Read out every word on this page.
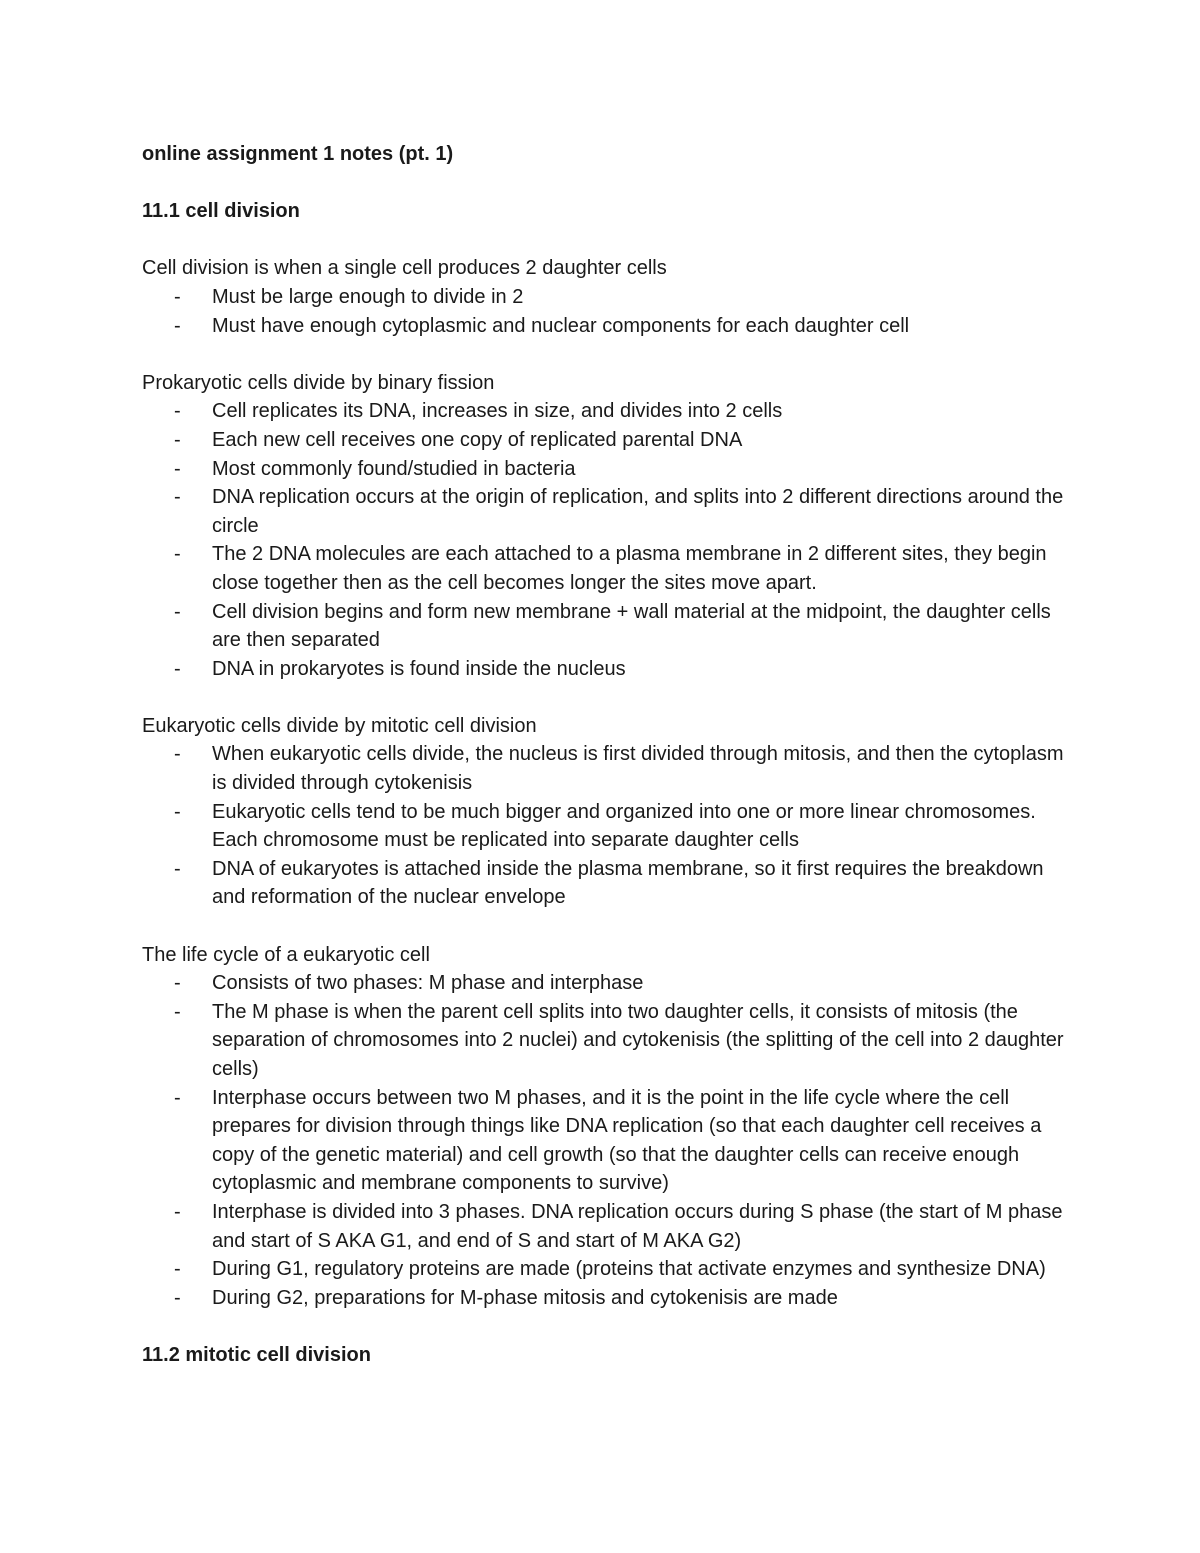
online assignment 1 notes (pt. 1)

11.1 cell division

Cell division is when a single cell produces 2 daughter cells

- Must be large enough to divide in 2
- Must have enough cytoplasmic and nuclear components for each daughter cell

Prokaryotic cells divide by binary fission

- Cell replicates its DNA, increases in size, and divides into 2 cells
- Each new cell receives one copy of replicated parental DNA
- Most commonly found/studied in bacteria
- DNA replication occurs at the origin of replication, and splits into 2 different directions around the circle
- The 2 DNA molecules are each attached to a plasma membrane in 2 different sites, they begin close together then as the cell becomes longer the sites move apart.
- Cell division begins and form new membrane + wall material at the midpoint, the daughter cells are then separated
- DNA in prokaryotes is found inside the nucleus

Eukaryotic cells divide by mitotic cell division

- When eukaryotic cells divide, the nucleus is first divided through mitosis, and then the cytoplasm is divided through cytokenisis
- Eukaryotic cells tend to be much bigger and organized into one or more linear chromosomes. Each chromosome must be replicated into separate daughter cells
- DNA of eukaryotes is attached inside the plasma membrane, so it first requires the breakdown and reformation of the nuclear envelope

The life cycle of a eukaryotic cell

- Consists of two phases: M phase and interphase
- The M phase is when the parent cell splits into two daughter cells, it consists of mitosis (the separation of chromosomes into 2 nuclei) and cytokenisis (the splitting of the cell into 2 daughter cells)
- Interphase occurs between two M phases, and it is the point in the life cycle where the cell prepares for division through things like DNA replication (so that each daughter cell receives a copy of the genetic material) and cell growth (so that the daughter cells can receive enough cytoplasmic and membrane components to survive)
- Interphase is divided into 3 phases. DNA replication occurs during S phase (the start of M phase and start of S AKA G1, and end of S and start of M AKA G2)
- During G1, regulatory proteins are made (proteins that activate enzymes and synthesize DNA)
- During G2, preparations for M-phase mitosis and cytokenisis are made

11.2 mitotic cell division
